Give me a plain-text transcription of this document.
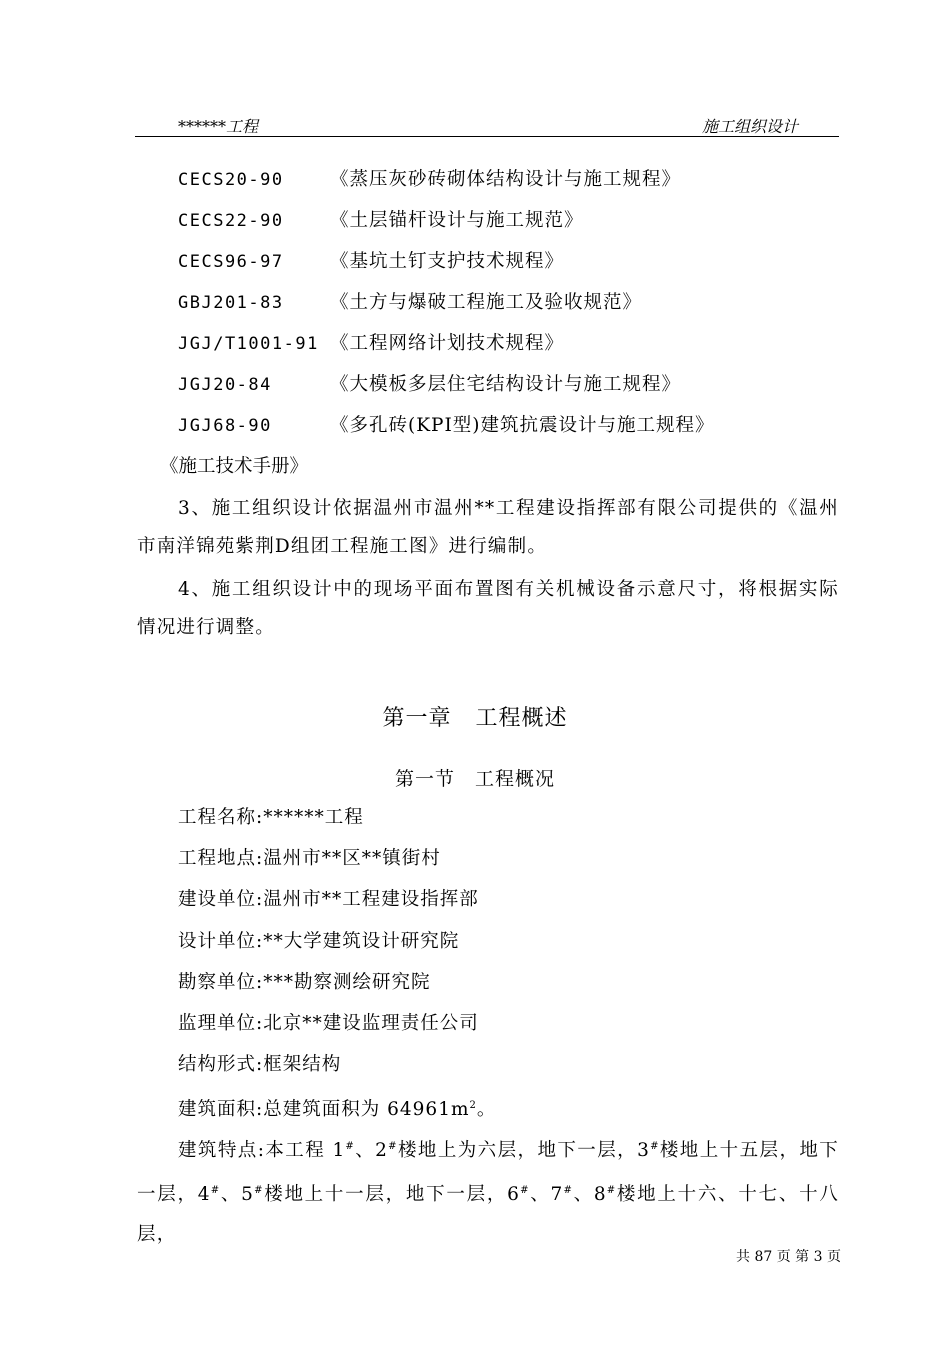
******工程	施工组织设计
CECS20-90	《蒸压灰砂砖砌体结构设计与施工规程》
CECS22-90	《土层锚杆设计与施工规范》
CECS96-97	《基坑土钉支护技术规程》
GBJ201-83	《土方与爆破工程施工及验收规范》
JGJ/T1001-91 《工程网络计划技术规程》
JGJ20-84	《大模板多层住宅结构设计与施工规程》
JGJ68-90	《多孔砖(KPI型)建筑抗震设计与施工规程》
《施工技术手册》
3、施工组织设计依据温州市温州**工程建设指挥部有限公司提供的《温州市南洋锦苑紫荆D组团工程施工图》进行编制。
4、施工组织设计中的现场平面布置图有关机械设备示意尺寸，将根据实际情况进行调整。
第一章 工程概述
第一节 工程概况
工程名称:******工程
工程地点:温州市**区**镇街村
建设单位:温州市**工程建设指挥部
设计单位:**大学建筑设计研究院
勘察单位:***勘察测绘研究院
监理单位:北京**建设监理责任公司
结构形式:框架结构
建筑面积:总建筑面积为 $64961m^2$。
建筑特点:本工程 1#、2#楼地上为六层，地下一层，3#楼地上十五层，地下一层，4#、5#楼地上十一层，地下一层，6#、7#、8#楼地上十六、十七、十八层，
共 87 页 第 3 页
